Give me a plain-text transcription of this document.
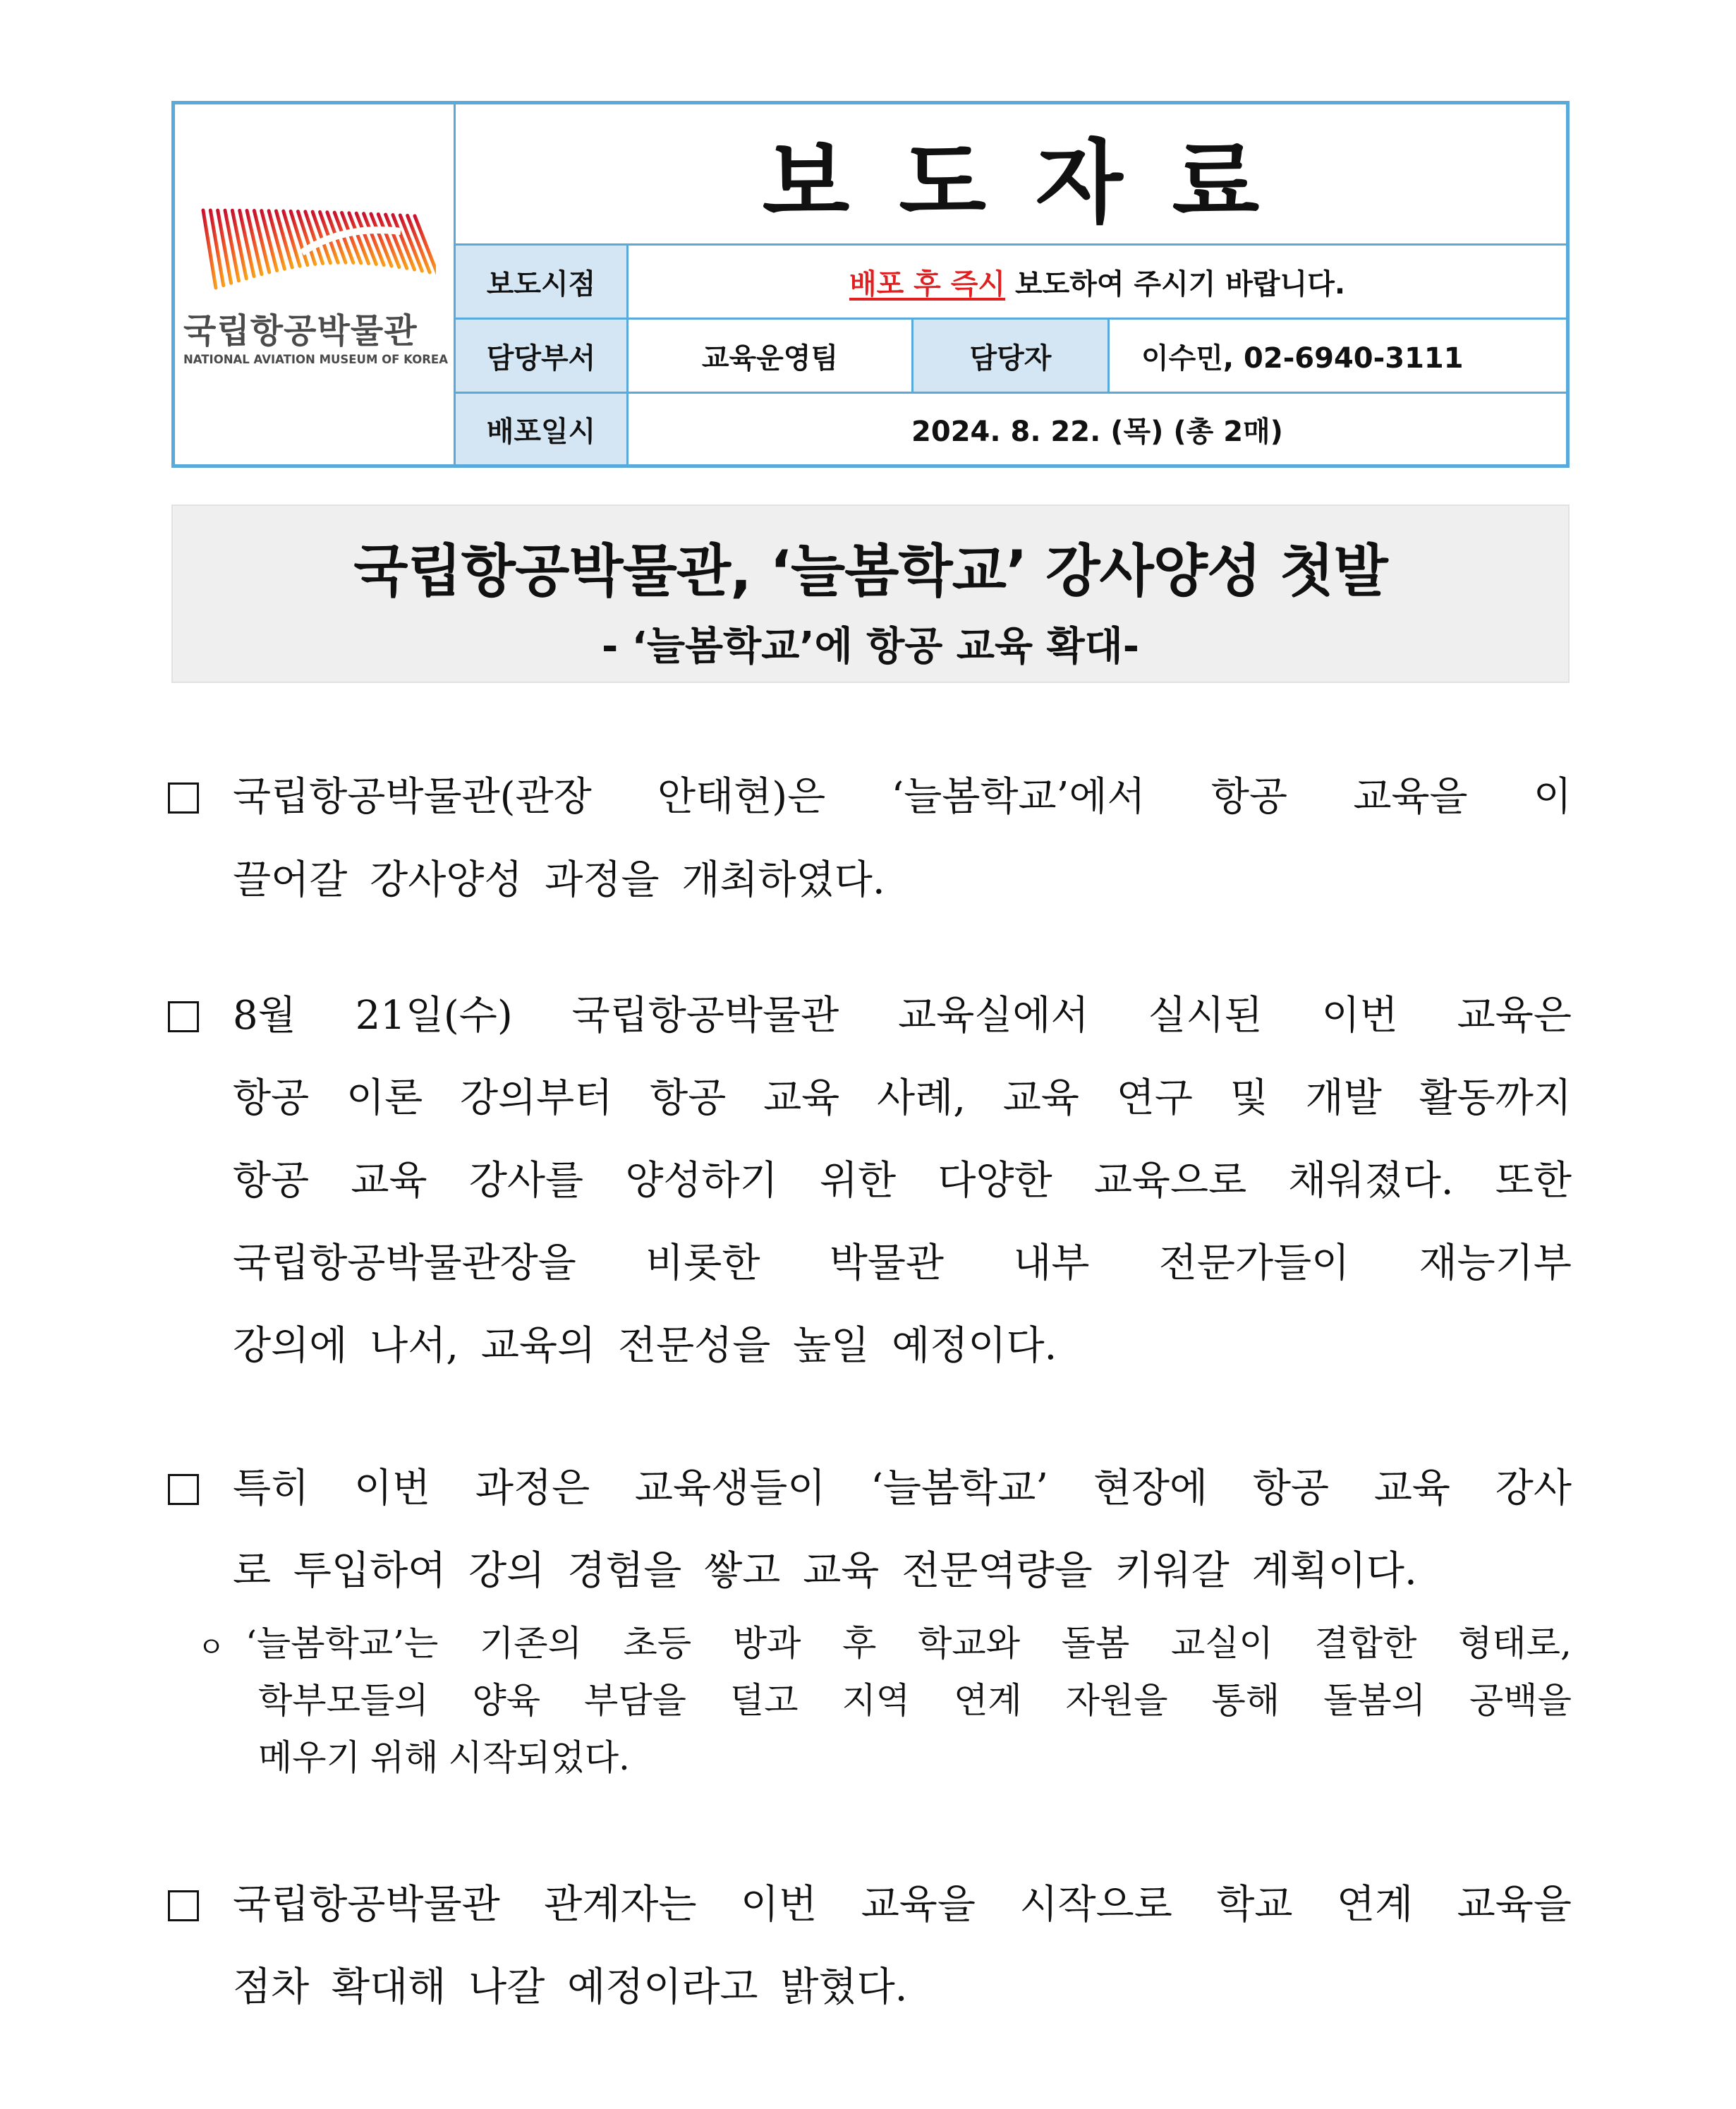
국립항공박물관
NATIONAL AVIATION MUSEUM OF KOREA
보도자료
보도시점	배포 후 즉시 보도하여 주시기 바랍니다.
담당부서	교육운영팀	담당자	이수민, 02-6940-3111
배포일시	2024. 8. 22. (목) (총 2매)
국립항공박물관, ‘늘봄학교’ 강사양성 첫발
- ‘늘봄학교’에 항공 교육 확대-
국립항공박물관(관장 안태현)은 ‘늘봄학교’에서 항공 교육을 이
끌어갈 강사양성 과정을 개최하였다.
8월 21일(수) 국립항공박물관 교육실에서 실시된 이번 교육은
항공 이론 강의부터 항공 교육 사례, 교육 연구 및 개발 활동까지
항공 교육 강사를 양성하기 위한 다양한 교육으로 채워졌다. 또한
국립항공박물관장을 비롯한 박물관 내부 전문가들이 재능기부
강의에 나서, 교육의 전문성을 높일 예정이다.
특히 이번 과정은 교육생들이 ‘늘봄학교’ 현장에 항공 교육 강사
로 투입하여 강의 경험을 쌓고 교육 전문역량을 키워갈 계획이다.
ㅇ ‘늘봄학교’는 기존의 초등 방과 후 학교와 돌봄 교실이 결합한 형태로,
학부모들의 양육 부담을 덜고 지역 연계 자원을 통해 돌봄의 공백을
메우기 위해 시작되었다.
국립항공박물관 관계자는 이번 교육을 시작으로 학교 연계 교육을
점차 확대해 나갈 예정이라고 밝혔다.
